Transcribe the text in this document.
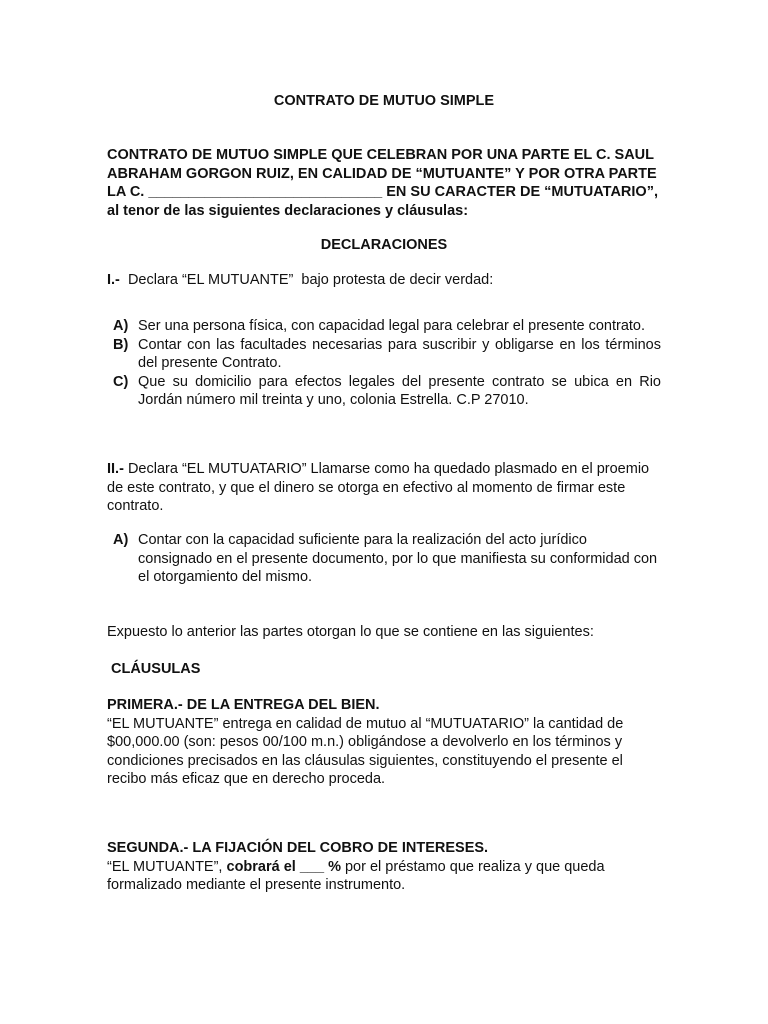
CONTRATO DE MUTUO SIMPLE

CONTRATO DE MUTUO SIMPLE QUE CELEBRAN POR UNA PARTE EL C. SAUL ABRAHAM GORGON RUIZ, EN CALIDAD DE “MUTUANTE” Y POR OTRA PARTE LA C. _____________________________ EN SU CARACTER DE “MUTUATARIO”, al tenor de las siguientes declaraciones y cláusulas:

DECLARACIONES

I.-  Declara “EL MUTUANTE”  bajo protesta de decir verdad:

A) Ser una persona física, con capacidad legal para celebrar el presente contrato.
B) Contar con las facultades necesarias para suscribir y obligarse en los términos del presente Contrato.
C) Que su domicilio para efectos legales del presente contrato se ubica en Rio Jordán número mil treinta y uno, colonia Estrella. C.P 27010.

II.- Declara “EL MUTUATARIO” Llamarse como ha quedado plasmado en el proemio de este contrato, y que el dinero se otorga en efectivo al momento de firmar este contrato.

A) Contar con la capacidad suficiente para la realización del acto jurídico consignado en el presente documento, por lo que manifiesta su conformidad con el otorgamiento del mismo.

Expuesto lo anterior las partes otorgan lo que se contiene en las siguientes:

CLÁUSULAS

PRIMERA.- DE LA ENTREGA DEL BIEN.

“EL MUTUANTE” entrega en calidad de mutuo al “MUTUATARIO” la cantidad de $00,000.00 (son: pesos 00/100 m.n.) obligándose a devolverlo en los términos y condiciones precisados en las cláusulas siguientes, constituyendo el presente el recibo más eficaz que en derecho proceda.

SEGUNDA.- LA FIJACIÓN DEL COBRO DE INTERESES.

“EL MUTUANTE”, cobrará el ___ % por el préstamo que realiza y que queda formalizado mediante el presente instrumento.
